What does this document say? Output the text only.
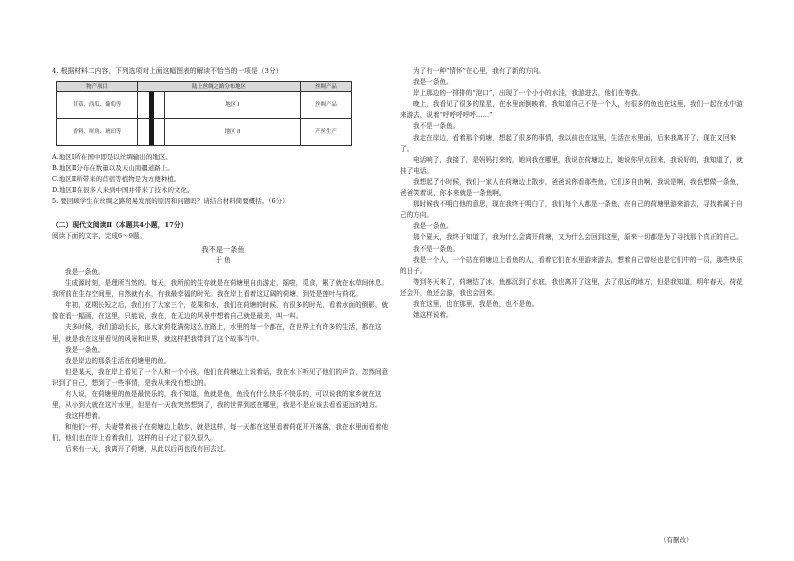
4. 根据材料二内容，下列选项对上面这幅图表的解读不恰当的一项是（3分）

物产项目	陆上丝绸之路分布地区		丝绸产品
苜蓿、西瓜、葡萄等		地区 I	丝绸产品
香料、犀角、琥珀等		地区 II	产丝生产

A.地区Ⅰ所在国中即是以丝绸输出的地区。

B.地区Ⅱ分布在数量以及天山南疆道路上。

C.地区Ⅱ所带来的苜蓿等植物是为方便种植。

D.地区Ⅱ在很多人来到中国并带来了技术的文化。

5. 要回顾学生在丝绸之路贸易发展的原因和问题吗？请结合材料简要概括。（6分）

（二）现代文阅读Ⅱ（本题共4小题，17分）

阅读下面的文字，完成6～9题。

我不是一条鱼

于 鱼

我是一条鱼。

生成源时刻，是理所当然的。每天，我所前的生存就是在荷塘里自由游走，摇啦，觅食，累了就在水草间休息。我所前在生存空间里，自然就有水，有我最幸福的时光。我在岸上看着这辽阔的荷塘，到处是莲叶与荷花。

年初，花期长短之后，我们有了大家三个，花果和水，我们在荷塘的时候，有很多的时光，看着水面的倒影，就像在看一幅画，在这里，只能说，我在，在无边的风景中想着自己就是最美，叫一叫。

夫多时候，我们游动长长，那大家荷花满荷这么在路上，水里的每一个都在，在世界上有许多的生活，都在这里，就是我在这里看见的风景和世界，就这样把我带到了这个故事当中。

我是一条鱼。

我是岸边的那条生活在荷塘里的鱼。

但是某天，我在岸上看见了一个人和一个小孩，他们在荷塘边上说着话，我在水下听见了他们的声音，忽然间意识到了自己，想到了一些事情，是我从来没有想过的。

有人说，在荷塘里的鱼是最快乐的，我不知道，鱼就是鱼，鱼没有什么快乐不快乐的，可以说我的家乡就在这里，从小到大就在这片水里，但是有一天我突然想到了，我的世界到底在哪里，我是不是应该去看看更远的地方。

我这样想着。

和他们一样，夫妻带着孩子在荷塘边上散步，就是这样，每一天都在这里看着荷花开开落落，我在水里面看着他们，他们也在岸上看着我们，这样的日子过了很久很久。

后来有一天，我离开了荷塘，从此以后再也没有回去过。

为了有一种“情怀”在心里，我有了新的方向。

我是一条鱼。

岸上那边的一排排的“泡口”，出现了一个小小的水洼，我游进去，他们在等我。

晚上，我看见了很多的星星，在水里面倒映着，我知道自己不是一个人，有很多的鱼也在这里，我们一起在水中游来游去，说着“呼呼呼呼呼……”

我不是一条鱼。

我走在岸边，看着那个荷塘，想起了很多的事情，我以前也在这里，生活在水里面，后来我离开了，现在又回来了。

电话响了，我接了，是妈妈打来的，她问我在哪里，我说在荷塘边上，她说你早点回来，我说好的，我知道了，就挂了电话。

我想起了小时候，我们一家人在荷塘边上散步，爸爸说你看那些鱼，它们多自由啊，我说是啊，我也想做一条鱼，爸爸笑着说，你本来就是一条鱼啊。

那时候我不明白他的意思，现在我终于明白了，我们每个人都是一条鱼，在自己的荷塘里游来游去，寻找着属于自己的方向。

我是一条鱼。

那个夏天，我终于知道了，我为什么会离开荷塘，又为什么会回到这里，原来一切都是为了寻找那个真正的自己。

我不是一条鱼。

我是一个人，一个站在荷塘边上看鱼的人，看着它们在水里游来游去，想着自己曾经也是它们中的一员，那些快乐的日子。

等到冬天来了，荷塘结了冰，鱼都沉到了水底，我也离开了这里，去了很远的地方，但是我知道，明年春天，荷花还会开，鱼还会游，我也会回来。

我在这里，也在那里，我是鱼，也不是鱼。

她这样说着。

（有删改）
